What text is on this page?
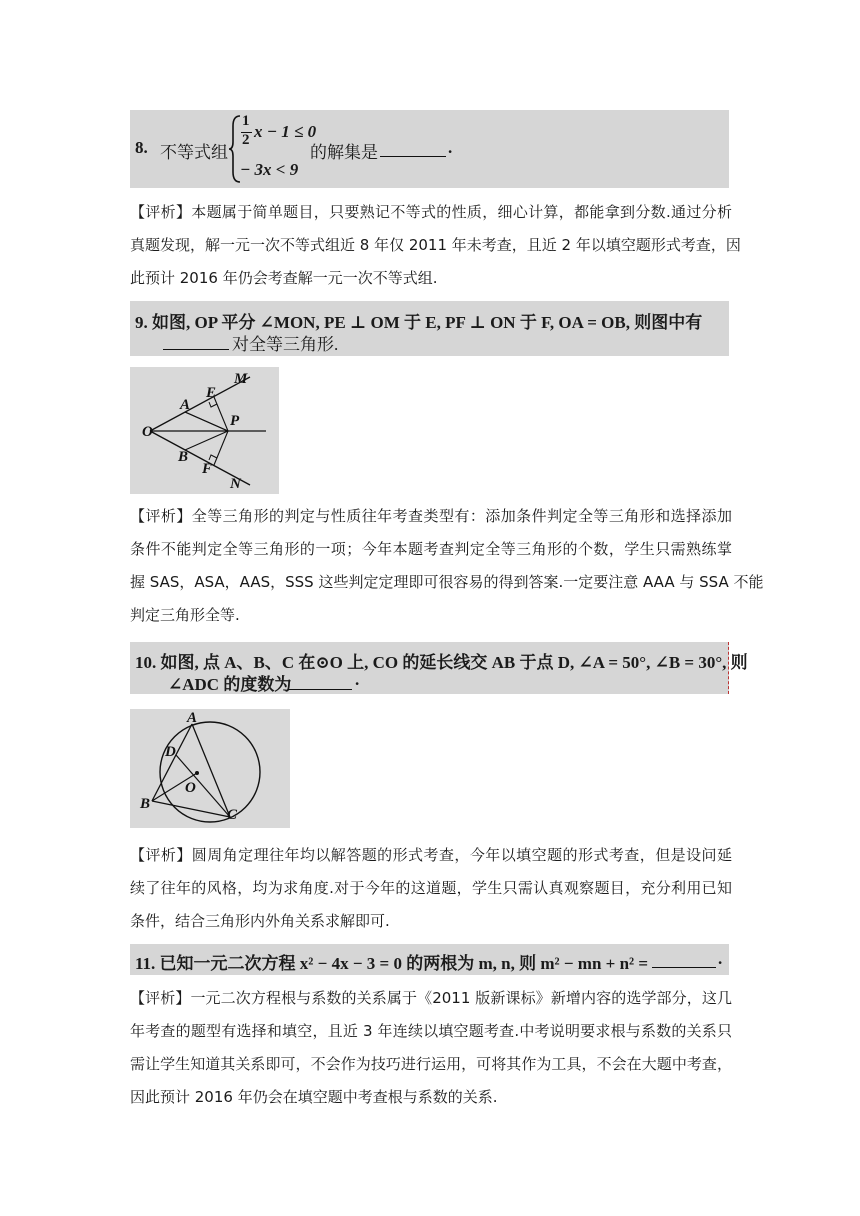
8. 不等式组
1
2 x − 1 ≤ 0
− 3x < 9
的解集是	.
【评析】本题属于简单题目，只要熟记不等式的性质，细心计算，都能拿到分数.通过分析
真题发现，解一元一次不等式组近 8 年仅 2011 年未考查，且近 2 年以填空题形式考查，因
此预计 2016 年仍会考查解一元一次不等式组.
9. 如图, OP 平分 ∠MON, PE ⊥ OM 于 E, PF ⊥ ON 于 F, OA = OB, 则图中有
对全等三角形.
M
E
A
O
P
B
F
N
【评析】全等三角形的判定与性质往年考查类型有：添加条件判定全等三角形和选择添加
条件不能判定全等三角形的一项；今年本题考查判定全等三角形的个数，学生只需熟练掌
握 SAS，ASA，AAS，SSS 这些判定定理即可很容易的得到答案.一定要注意 AAA 与 SSA 不能
判定三角形全等.
10. 如图, 点 A、B、C 在⊙O 上, CO 的延长线交 AB 于点 D, ∠A = 50°, ∠B = 30°, 则
∠ADC 的度数为	.
A
D
O
B
C
【评析】圆周角定理往年均以解答题的形式考查，今年以填空题的形式考查，但是设问延
续了往年的风格，均为求角度.对于今年的这道题，学生只需认真观察题目，充分利用已知
条件，结合三角形内外角关系求解即可.
11. 已知一元二次方程 x² − 4x − 3 = 0 的两根为 m, n, 则 m² − mn + n² =	.
【评析】一元二次方程根与系数的关系属于《2011 版新课标》新增内容的选学部分，这几
年考查的题型有选择和填空，且近 3 年连续以填空题考查.中考说明要求根与系数的关系只
需让学生知道其关系即可，不会作为技巧进行运用，可将其作为工具，不会在大题中考查，
因此预计 2016 年仍会在填空题中考查根与系数的关系.
